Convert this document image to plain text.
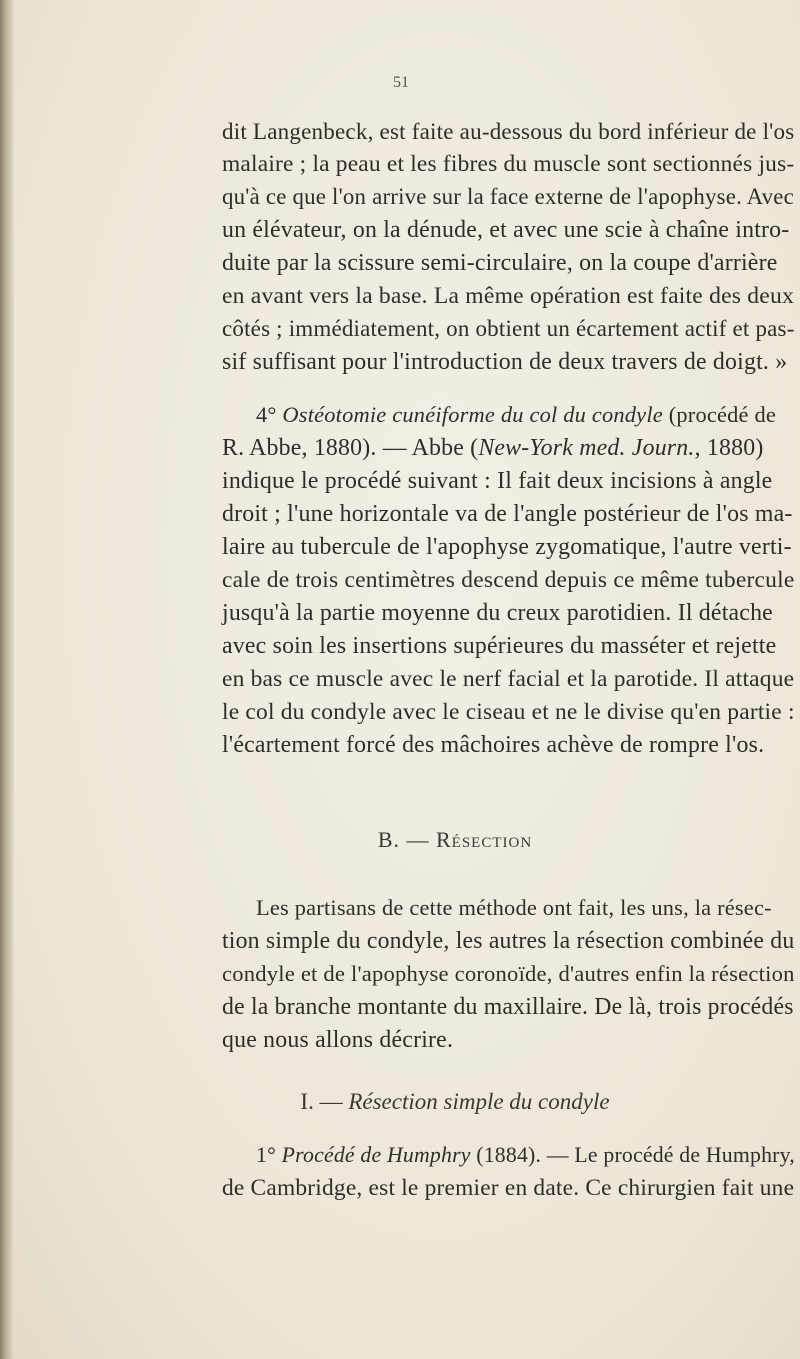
51
dit Langenbeck, est faite au-dessous du bord inférieur de l'os
malaire ; la peau et les fibres du muscle sont sectionnés jus-
qu'à ce que l'on arrive sur la face externe de l'apophyse. Avec
un élévateur, on la dénude, et avec une scie à chaîne intro-
duite par la scissure semi-circulaire, on la coupe d'arrière
en avant vers la base. La même opération est faite des deux
côtés ; immédiatement, on obtient un écartement actif et pas-
sif suffisant pour l'introduction de deux travers de doigt. »
4° Ostéotomie cunéiforme du col du condyle (procédé de
R. Abbe, 1880). — Abbe (New-York med. Journ., 1880)
indique le procédé suivant : Il fait deux incisions à angle
droit ; l'une horizontale va de l'angle postérieur de l'os ma-
laire au tubercule de l'apophyse zygomatique, l'autre verti-
cale de trois centimètres descend depuis ce même tubercule
jusqu'à la partie moyenne du creux parotidien. Il détache
avec soin les insertions supérieures du masséter et rejette
en bas ce muscle avec le nerf facial et la parotide. Il attaque
le col du condyle avec le ciseau et ne le divise qu'en partie :
l'écartement forcé des mâchoires achève de rompre l'os.
B. — Résection
Les partisans de cette méthode ont fait, les uns, la résec-
tion simple du condyle, les autres la résection combinée du
condyle et de l'apophyse coronoïde, d'autres enfin la résection
de la branche montante du maxillaire. De là, trois procédés
que nous allons décrire.
I. — Résection simple du condyle
1° Procédé de Humphry (1884). — Le procédé de Humphry,
de Cambridge, est le premier en date. Ce chirurgien fait une
